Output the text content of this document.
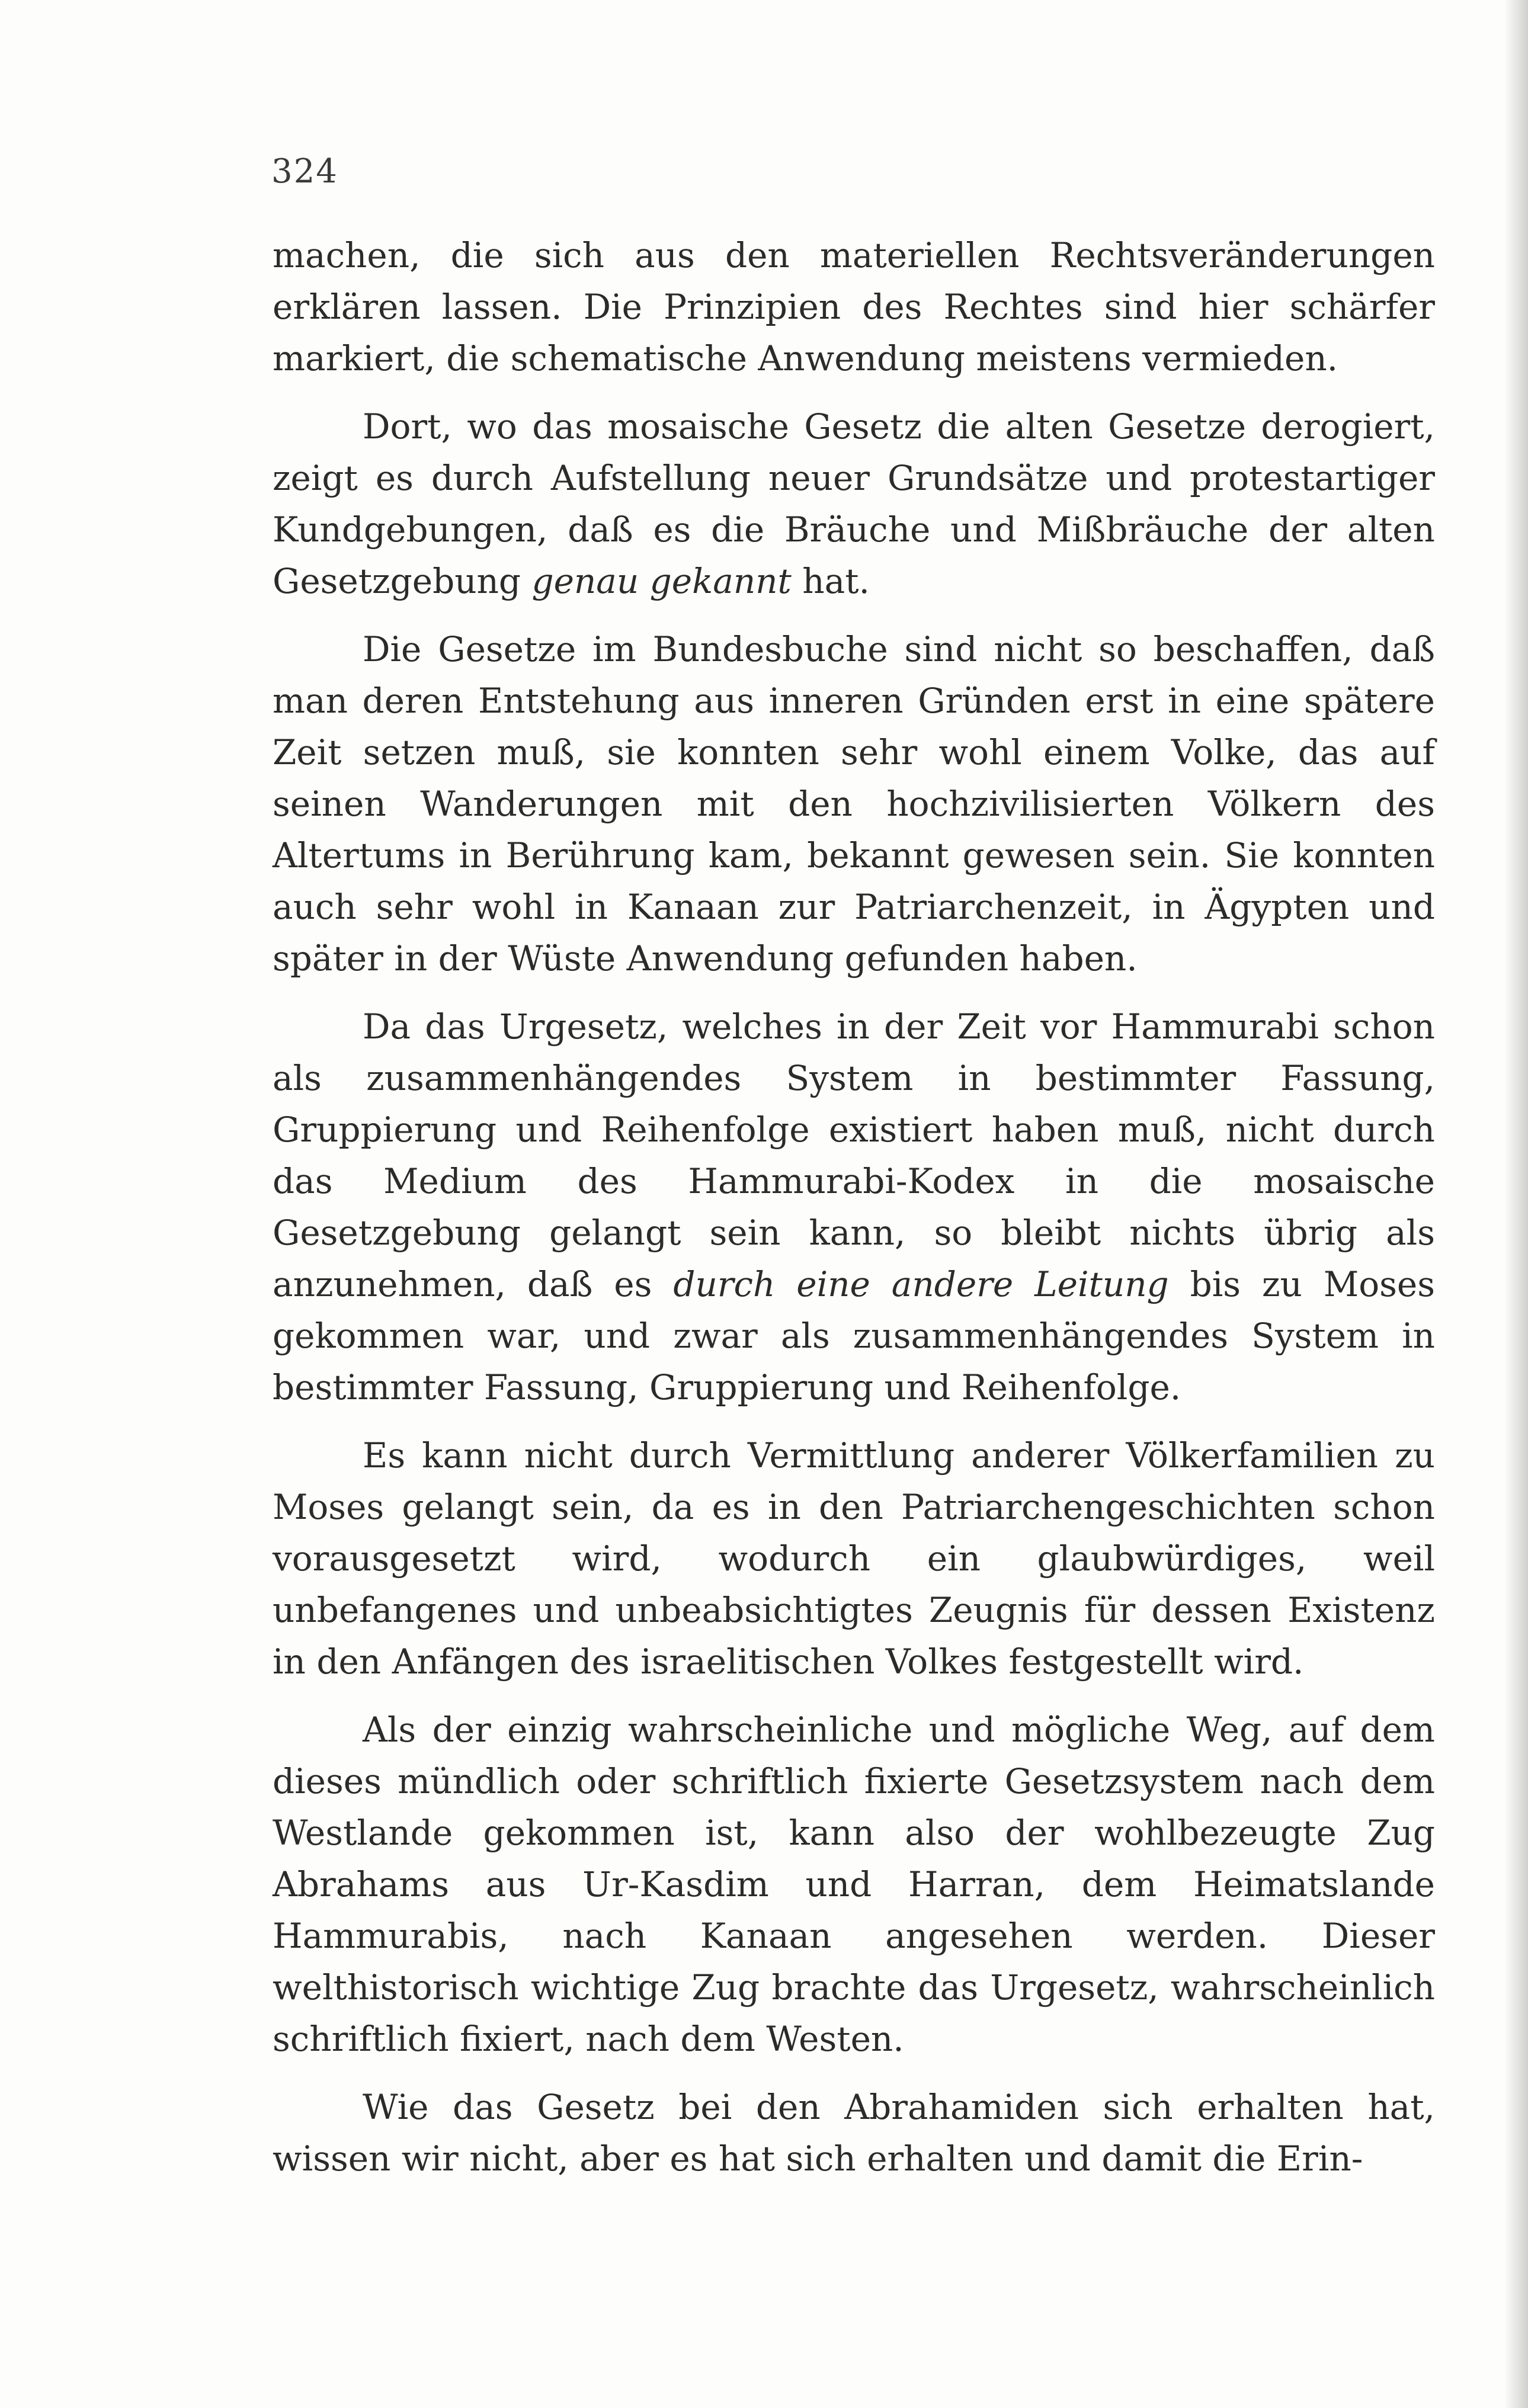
324

machen, die sich aus den materiellen Rechtsveränderungen erklären lassen. Die Prinzipien des Rechtes sind hier schärfer markiert, die schematische Anwendung meistens vermieden.

Dort, wo das mosaische Gesetz die alten Gesetze derogiert, zeigt es durch Aufstellung neuer Grundsätze und protestartiger Kundgebungen, daß es die Bräuche und Mißbräuche der alten Gesetzgebung genau gekannt hat.

Die Gesetze im Bundesbuche sind nicht so beschaffen, daß man deren Entstehung aus inneren Gründen erst in eine spätere Zeit setzen muß, sie konnten sehr wohl einem Volke, das auf seinen Wanderungen mit den hochzivilisierten Völkern des Altertums in Berührung kam, bekannt gewesen sein. Sie konnten auch sehr wohl in Kanaan zur Patriarchenzeit, in Ägypten und später in der Wüste Anwendung gefunden haben.

Da das Urgesetz, welches in der Zeit vor Hammurabi schon als zusammenhängendes System in bestimmter Fassung, Gruppierung und Reihenfolge existiert haben muß, nicht durch das Medium des Hammurabi-Kodex in die mosaische Gesetzgebung gelangt sein kann, so bleibt nichts übrig als anzunehmen, daß es durch eine andere Leitung bis zu Moses gekommen war, und zwar als zusammenhängendes System in bestimmter Fassung, Gruppierung und Reihenfolge.

Es kann nicht durch Vermittlung anderer Völkerfamilien zu Moses gelangt sein, da es in den Patriarchengeschichten schon vorausgesetzt wird, wodurch ein glaubwürdiges, weil unbefangenes und unbeabsichtigtes Zeugnis für dessen Existenz in den Anfängen des israelitischen Volkes festgestellt wird.

Als der einzig wahrscheinliche und mögliche Weg, auf dem dieses mündlich oder schriftlich fixierte Gesetzsystem nach dem Westlande gekommen ist, kann also der wohlbezeugte Zug Abrahams aus Ur-Kasdim und Harran, dem Heimatslande Hammurabis, nach Kanaan angesehen werden. Dieser welthistorisch wichtige Zug brachte das Urgesetz, wahrscheinlich schriftlich fixiert, nach dem Westen.

Wie das Gesetz bei den Abrahamiden sich erhalten hat, wissen wir nicht, aber es hat sich erhalten und damit die Erin-
